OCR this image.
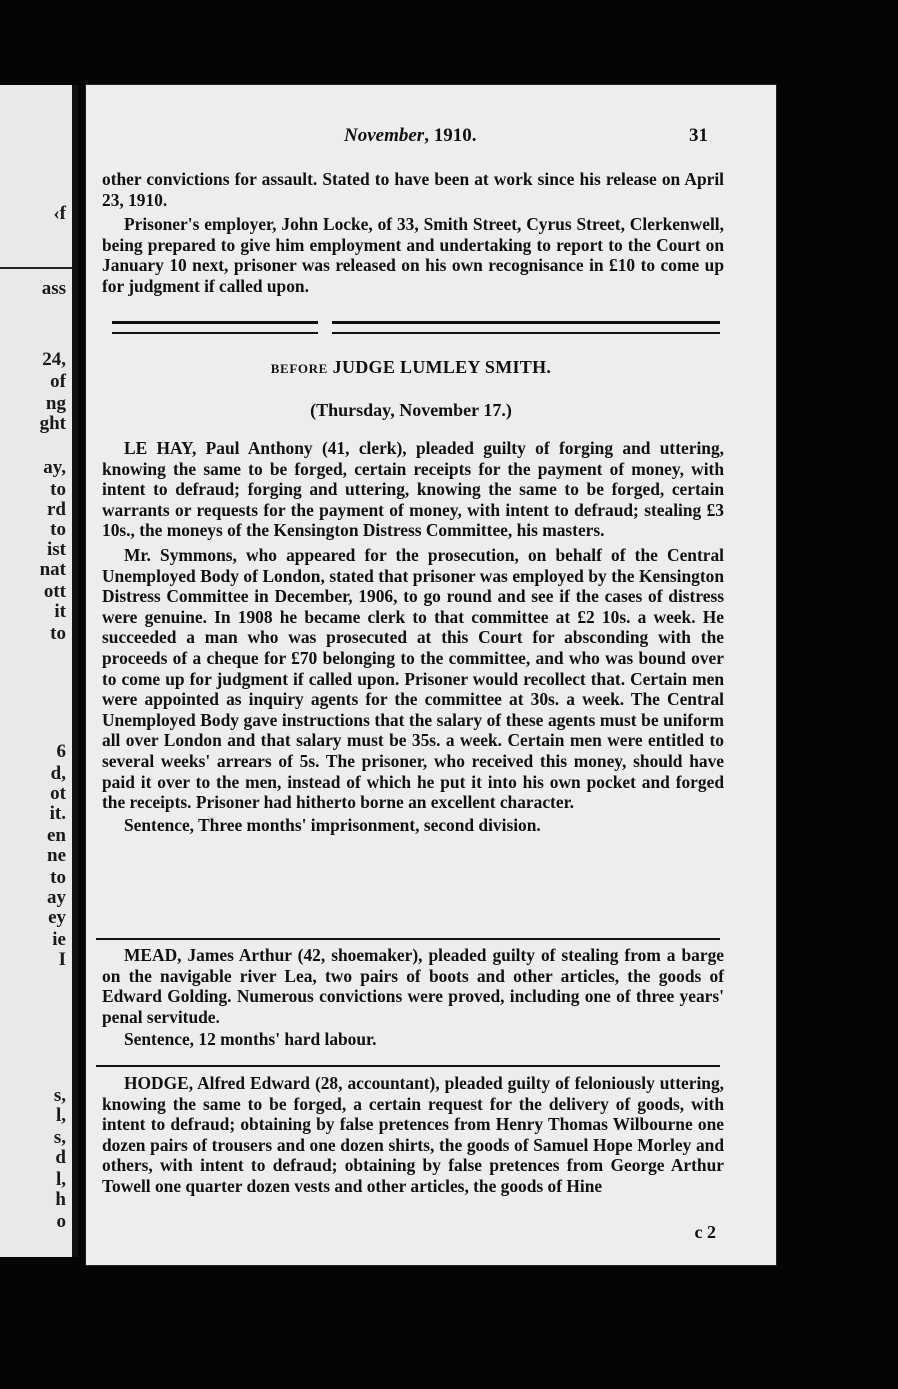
‹f
ass
24,
of
ng
ght
ay,
to
rd
to
ist
nat
ott
it
to
6
d,
ot
it.
en
ne
to
ay
ey
ie
I
s,
l,
s,
d
l,
h
o
November, 1910.	31

other convictions for assault. Stated to have been at work since his release on April 23, 1910.

Prisoner's employer, John Locke, of 33, Smith Street, Cyrus Street, Clerkenwell, being prepared to give him employment and undertaking to report to the Court on January 10 next, prisoner was released on his own recognisance in £10 to come up for judgment if called upon.

BEFORE JUDGE LUMLEY SMITH.
(Thursday, November 17.)

LE HAY, Paul Anthony (41, clerk), pleaded guilty of forging and uttering, knowing the same to be forged, certain receipts for the payment of money, with intent to defraud; forging and uttering, knowing the same to be forged, certain warrants or requests for the payment of money, with intent to defraud; stealing £3 10s., the moneys of the Kensington Distress Committee, his masters.

Mr. Symmons, who appeared for the prosecution, on behalf of the Central Unemployed Body of London, stated that prisoner was employed by the Kensington Distress Committee in December, 1906, to go round and see if the cases of distress were genuine. In 1908 he became clerk to that committee at £2 10s. a week. He succeeded a man who was prosecuted at this Court for absconding with the proceeds of a cheque for £70 belonging to the committee, and who was bound over to come up for judgment if called upon. Prisoner would recollect that. Certain men were appointed as inquiry agents for the committee at 30s. a week. The Central Unemployed Body gave instructions that the salary of these agents must be uniform all over London and that salary must be 35s. a week. Certain men were entitled to several weeks' arrears of 5s. The prisoner, who received this money, should have paid it over to the men, instead of which he put it into his own pocket and forged the receipts. Prisoner had hitherto borne an excellent character.

Sentence, Three months' imprisonment, second division.

MEAD, James Arthur (42, shoemaker), pleaded guilty of stealing from a barge on the navigable river Lea, two pairs of boots and other articles, the goods of Edward Golding. Numerous convictions were proved, including one of three years' penal servitude.

Sentence, 12 months' hard labour.

HODGE, Alfred Edward (28, accountant), pleaded guilty of feloniously uttering, knowing the same to be forged, a certain request for the delivery of goods, with intent to defraud; obtaining by false pretences from Henry Thomas Wilbourne one dozen pairs of trousers and one dozen shirts, the goods of Samuel Hope Morley and others, with intent to defraud; obtaining by false pretences from George Arthur Towell one quarter dozen vests and other articles, the goods of Hine

c 2
